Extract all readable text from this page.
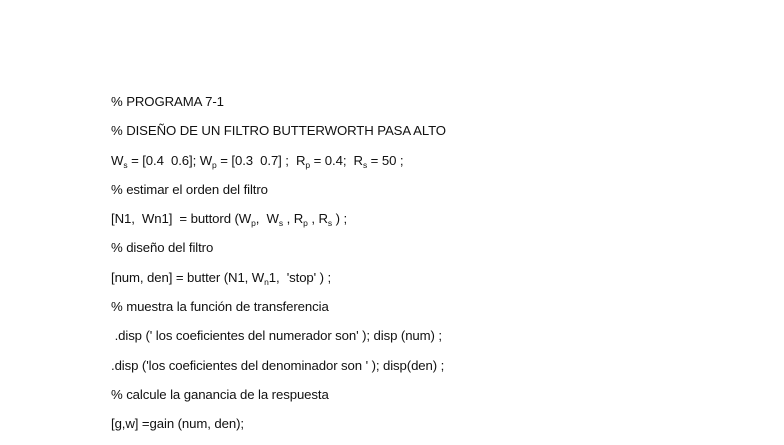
% PROGRAMA 7-1
% DISEÑO DE UN FILTRO BUTTERWORTH PASA ALTO
$W_s = [0.4$  0.6]; $W_p = [0.3$  0.7] ;  $R_p = 0.4$;  $R_s = 50$ ;
% estimar el orden del filtro
[N1,  Wn1]  = buttord ($W_p$,  $W_s$ , $R_p$ , $R_s$ ) ;
% diseño del filtro
[num, den] = butter (N1, $W_n1$,  'stop' ) ;
% muestra la función de transferencia
.disp (' los coeficientes del numerador son' ); disp (num) ;
.disp ('los coeficientes del denominador son ' ); disp(den) ;
% calcule la ganancia de la respuesta
[g,w] =gain (num, den);
